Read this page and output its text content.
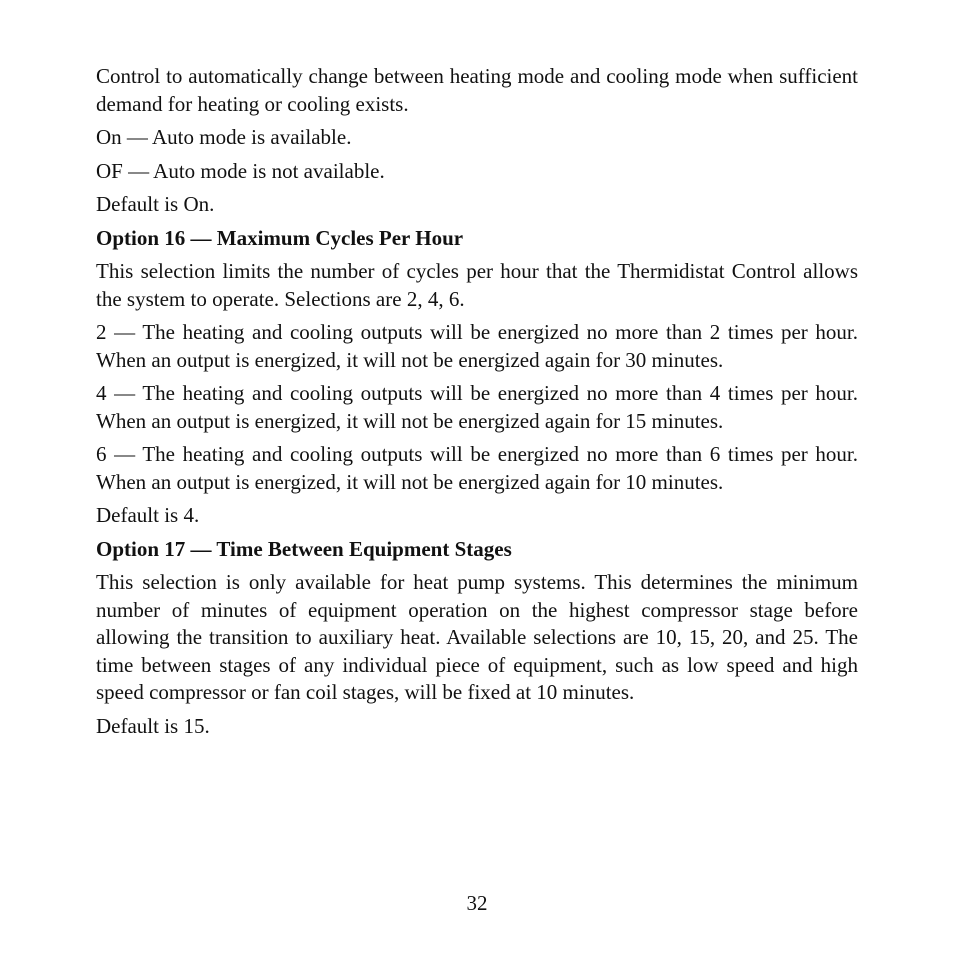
Control to automatically change between heating mode and cooling mode when sufficient demand for heating or cooling exists.

On — Auto mode is available.

OF — Auto mode is not available.

Default is On.

Option 16 — Maximum Cycles Per Hour

This selection limits the number of cycles per hour that the Thermidistat Control allows the system to operate. Selections are 2, 4, 6.

2 — The heating and cooling outputs will be energized no more than 2 times per hour. When an output is energized, it will not be energized again for 30 minutes.

4 — The heating and cooling outputs will be energized no more than 4 times per hour. When an output is energized, it will not be energized again for 15 minutes.

6 — The heating and cooling outputs will be energized no more than 6 times per hour. When an output is energized, it will not be energized again for 10 minutes.

Default is 4.

Option 17 — Time Between Equipment Stages

This selection is only available for heat pump systems. This determines the minimum number of minutes of equipment operation on the highest compressor stage before allowing the transition to auxiliary heat. Available selections are 10, 15, 20, and 25. The time between stages of any individual piece of equipment, such as low speed and high speed compressor or fan coil stages, will be fixed at 10 minutes.

Default is 15.

32
